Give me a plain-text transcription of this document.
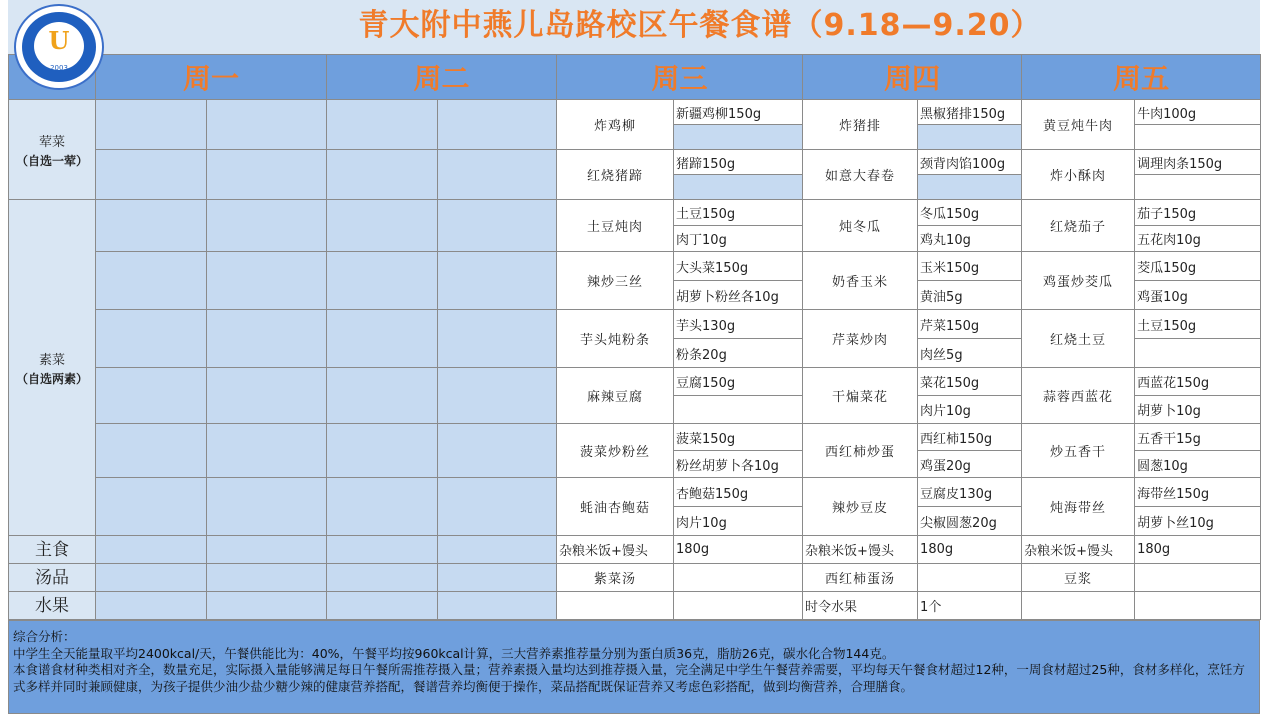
青大附中燕儿岛路校区午餐食谱（9.18—9.20）
U
2003
		周一		周二		周三		周四		周五		
荤菜
（自选一荤）					炸鸡柳	新疆鸡柳150g	炸猪排	黑椒猪排150g	黄豆炖牛肉	牛肉100g	

					红烧猪蹄	猪蹄150g	如意大春卷	颈背肉馅100g	炸小酥肉	调理肉条150g	

素菜
（自选两素）					土豆炖肉	土豆150g	炖冬瓜	冬瓜150g	红烧茄子	茄子150g	
						肉丁10g		鸡丸10g		五花肉10g	
					辣炒三丝	大头菜150g	奶香玉米	玉米150g	鸡蛋炒茭瓜	茭瓜150g	
						胡萝卜粉丝各10g		黄油5g		鸡蛋10g	
					芋头炖粉条	芋头130g	芹菜炒肉	芹菜150g	红烧土豆	土豆150g	
						粉条20g		肉丝5g			
					麻辣豆腐	豆腐150g	干煸菜花	菜花150g	蒜蓉西蓝花	西蓝花150g	
								肉片10g		胡萝卜10g	
					菠菜炒粉丝	菠菜150g	西红柿炒蛋	西红柿150g	炒五香干	五香干15g	
						粉丝胡萝卜各10g		鸡蛋20g		圆葱10g	
					蚝油杏鲍菇	杏鲍菇150g	辣炒豆皮	豆腐皮130g	炖海带丝	海带丝150g	
						肉片10g		尖椒圆葱20g		胡萝卜丝10g	
主食					杂粮米饭+馒头	180g	杂粮米饭+馒头	180g	杂粮米饭+馒头	180g	
汤品					紫菜汤		西红柿蛋汤		豆浆		
水果							时令水果	1个			

综合分析：

中学生全天能量取平均2400kcal/天，午餐供能比为：40%，午餐平均按960kcal计算，三大营养素推荐量分别为蛋白质36克，脂肪26克，碳水化合物144克。

本食谱食材种类相对齐全，数量充足，实际摄入量能够满足每日午餐所需推荐摄入量；营养素摄入量均达到推荐摄入量，完全满足中学生午餐营养需要，平均每天午餐食材超过12种，一周食材超过25种，食材多样化，烹饪方式多样并同时兼顾健康，为孩子提供少油少盐少糖少辣的健康营养搭配，餐谱营养均衡便于操作，菜品搭配既保证营养又考虑色彩搭配，做到均衡营养，合理膳食。
